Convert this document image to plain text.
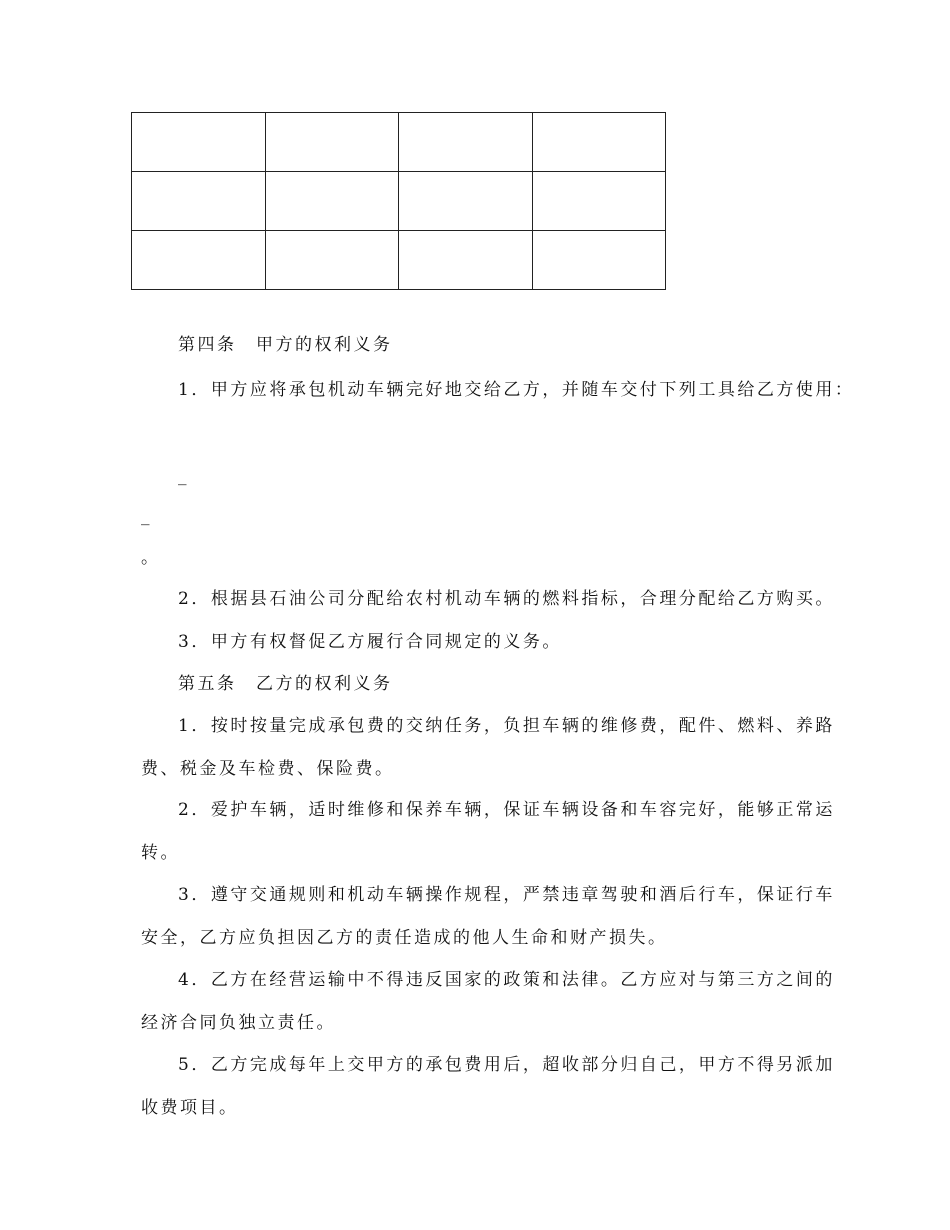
第四条　甲方的权利义务
1．甲方应将承包机动车辆完好地交给乙方，并随车交付下列工具给乙方使用：
_
_
。
2．根据县石油公司分配给农村机动车辆的燃料指标，合理分配给乙方购买。
3．甲方有权督促乙方履行合同规定的义务。
第五条　乙方的权利义务
1．按时按量完成承包费的交纳任务，负担车辆的维修费，配件、燃料、养路
费、税金及车检费、保险费。
2．爱护车辆，适时维修和保养车辆，保证车辆设备和车容完好，能够正常运
转。
3．遵守交通规则和机动车辆操作规程，严禁违章驾驶和酒后行车，保证行车
安全，乙方应负担因乙方的责任造成的他人生命和财产损失。
4．乙方在经营运输中不得违反国家的政策和法律。乙方应对与第三方之间的
经济合同负独立责任。
5．乙方完成每年上交甲方的承包费用后，超收部分归自己，甲方不得另派加
收费项目。
